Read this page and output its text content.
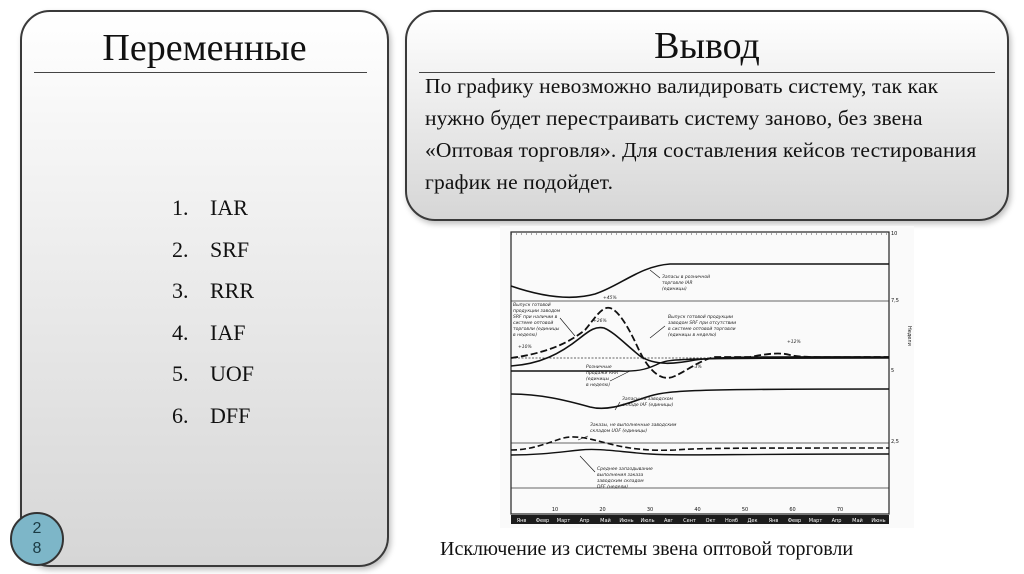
Переменные
1. IAR
2. SRF
3. RRR
4. IAF
5. UOF
6. DFF
Вывод

По графику невозможно валидировать систему, так как нужно будет перестраивать систему заново, без звена «Оптовая торговля». Для составления кейсов тестирования график не подойдет.

2
8
Запасы в розничной
торговле IAR
(единицы)
Выпуск готовой
продукции заводом
SRF при наличии в
системе оптовой
торговли (единицы
в неделю)
Выпуск готовой продукции
заводом SRF при отсутствии
в системе оптовой торговли
(единицы в неделю)
Розничные
продажи RRR
(единицы
в неделю)
Запасы на заводском
складе IAF (единицы)
Заказы, не выполненные заводским
складом UOF (единицы)
Среднее запаздывание
выполнения заказа
заводским складом
DFF (недели)
+45%
+26%
+10%
-3%
+12%
10
7,5
5
2,5
Недели
10	20	30	40	50	60	70
Янв Февр Март Апр Май Июнь Июль Авг Сент Окт Нояб Дек Янв Февр Март Апр Май Июнь
Исключение из системы звена оптовой торговли
